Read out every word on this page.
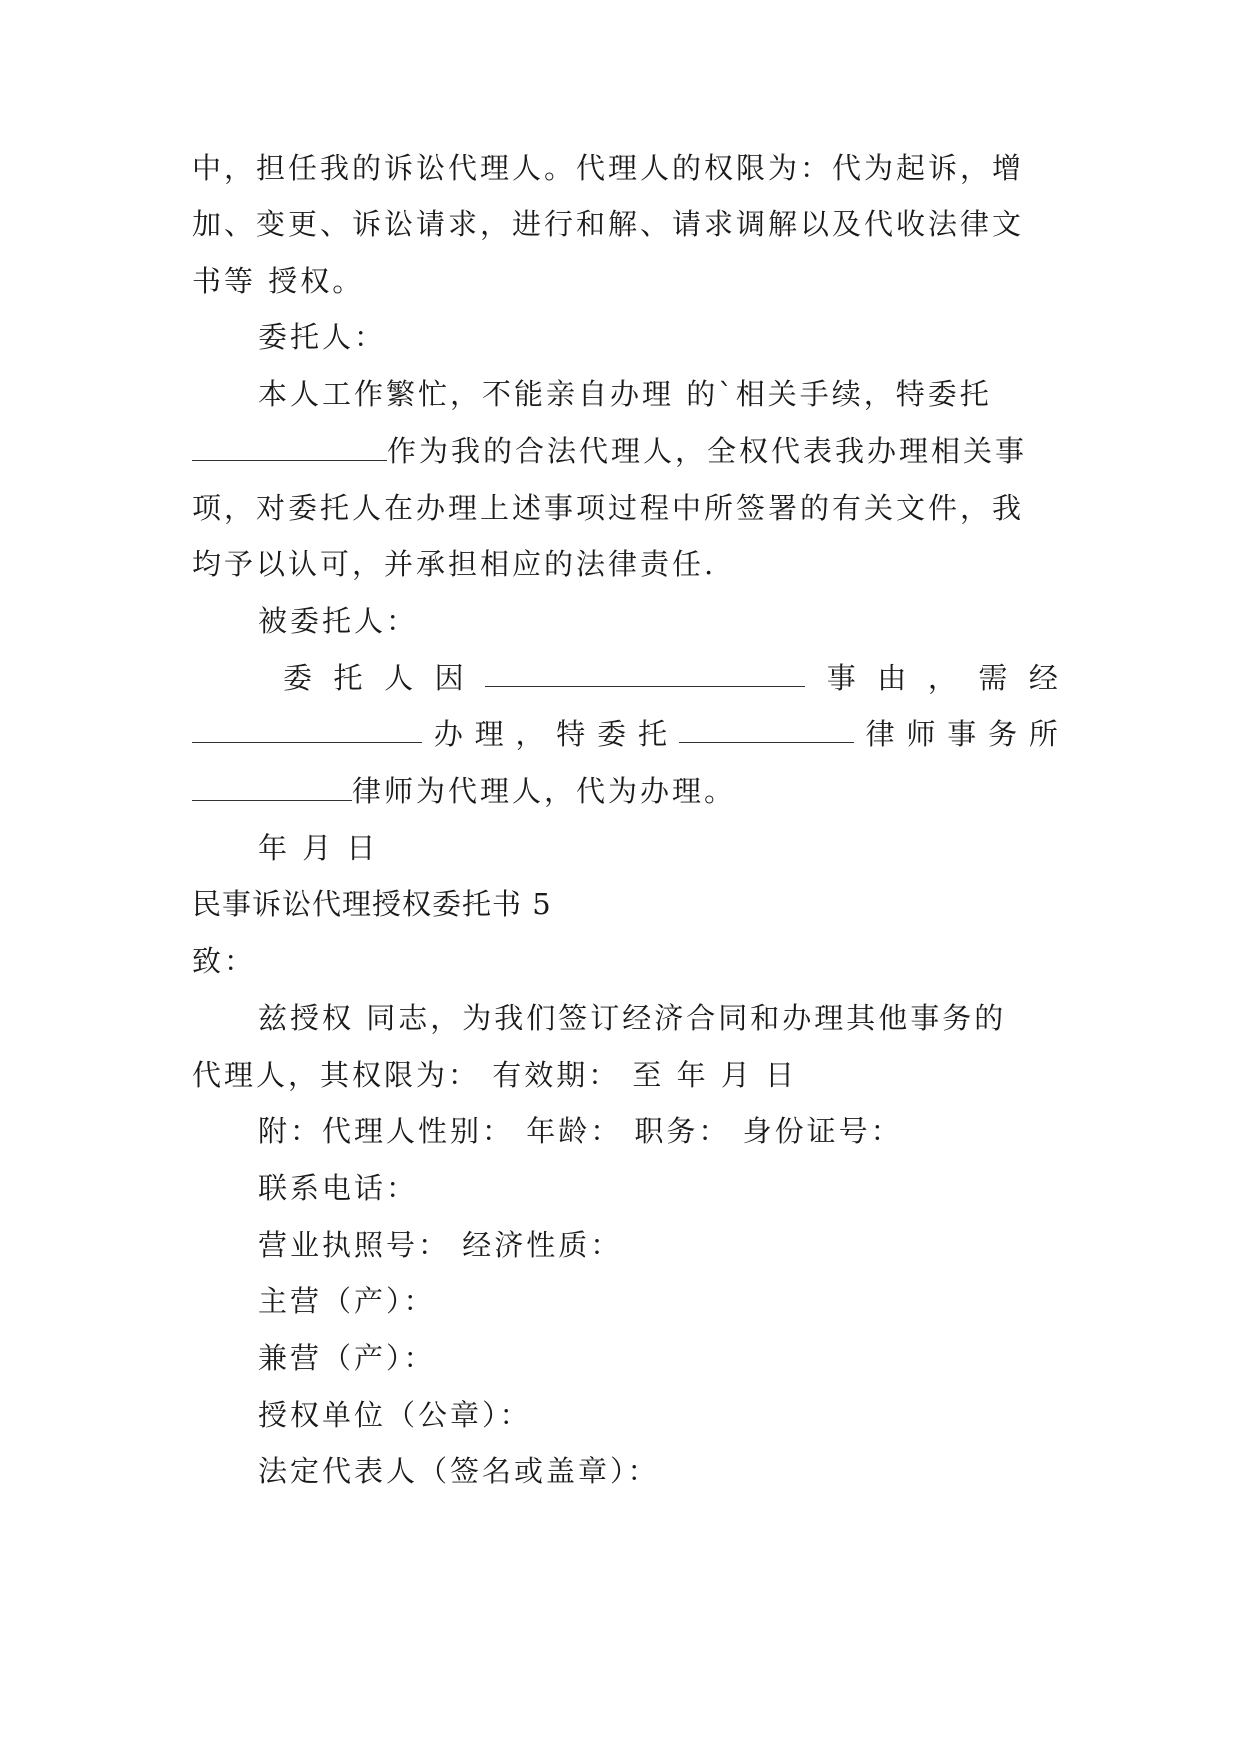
中，担任我的诉讼代理人。代理人的权限为：代为起诉，增
加、变更、诉讼请求，进行和解、请求调解以及代收法律文
书等 授权。
委托人：
本人工作繁忙，不能亲自办理 的`相关手续，特委托
作为我的合法代理人，全权代表我办理相关事
项，对委托人在办理上述事项过程中所签署的有关文件，我
均予以认可，并承担相应的法律责任.
被委托人：
委 托 人 因	事 由 ， 需 经
办 理 ， 特 委 托	律 师 事 务 所
律师为代理人，代为办理。
年 月 日
民事诉讼代理授权委托书 5
致：
兹授权 同志，为我们签订经济合同和办理其他事务的
代理人，其权限为： 有效期： 至 年 月 日
附：代理人性别： 年龄： 职务： 身份证号：
联系电话：
营业执照号： 经济性质：
主营（产）：
兼营（产）：
授权单位（公章）：
法定代表人（签名或盖章）：
